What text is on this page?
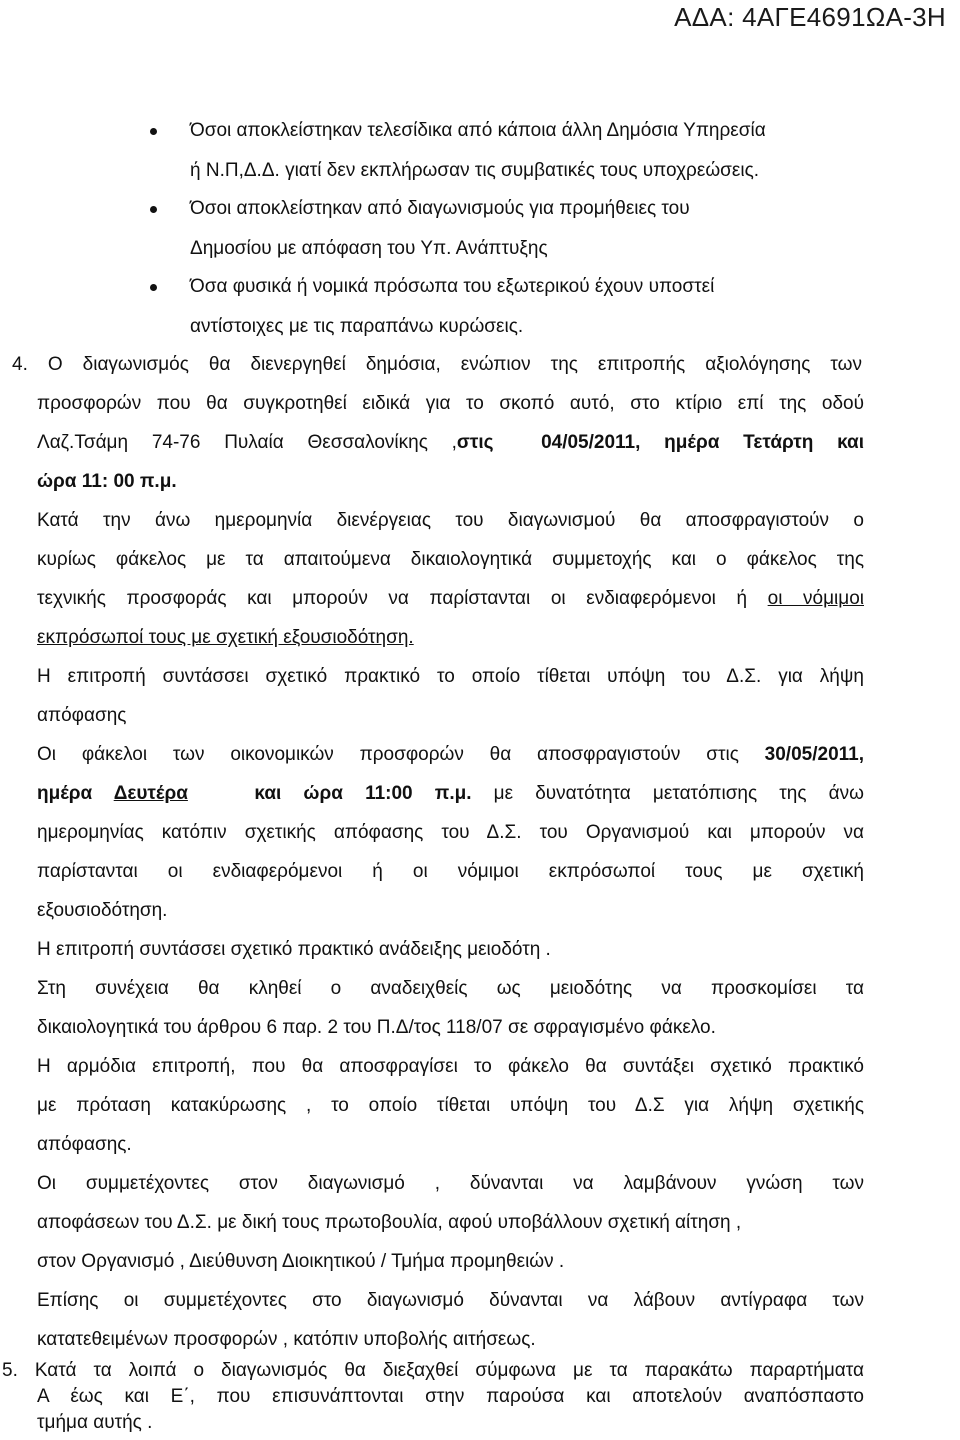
ΑΔΑ: 4ΑΓΕ4691ΩΑ-3Η
Όσοι αποκλείστηκαν τελεσίδικα από κάποια άλλη Δημόσια Υπηρεσία
ή Ν.Π,Δ.Δ. γιατί δεν εκπλήρωσαν τις συμβατικές τους υποχρεώσεις.
Όσοι αποκλείστηκαν από διαγωνισμούς για προμήθειες του
Δημοσίου με απόφαση του Υπ. Ανάπτυξης
Όσα φυσικά ή νομικά πρόσωπα του εξωτερικού έχουν υποστεί
αντίστοιχες με τις παραπάνω κυρώσεις.
4. Ο διαγωνισμός θα διενεργηθεί δημόσια, ενώπιον της επιτροπής αξιολόγησης των
προσφορών που θα συγκροτηθεί ειδικά για το σκοπό αυτό, στο κτίριο επί της οδού
Λαζ.Τσάμη 74-76 Πυλαία Θεσσαλονίκης ,στις  04/05/2011, ημέρα Τετάρτη και
ώρα 11: 00 π.μ.
Κατά την άνω ημερομηνία διενέργειας του διαγωνισμού θα αποσφραγιστούν ο
κυρίως φάκελος με τα απαιτούμενα δικαιολογητικά συμμετοχής και ο φάκελος της
τεχνικής προσφοράς και μπορούν να παρίστανται οι ενδιαφερόμενοι ή οι νόμιμοι
εκπρόσωποί τους με σχετική εξουσιοδότηση.
Η επιτροπή συντάσσει σχετικό πρακτικό το οποίο τίθεται υπόψη του Δ.Σ. για λήψη
απόφασης
Οι φάκελοι των οικονομικών προσφορών θα αποσφραγιστούν στις 30/05/2011,
ημέρα Δευτέρα   και ώρα 11:00 π.μ. με δυνατότητα μετατόπισης της άνω
ημερομηνίας κατόπιν σχετικής απόφασης του Δ.Σ. του Οργανισμού και μπορούν να
παρίστανται οι ενδιαφερόμενοι ή οι νόμιμοι εκπρόσωποί τους με σχετική
εξουσιοδότηση.
Η επιτροπή συντάσσει σχετικό πρακτικό ανάδειξης μειοδότη .
Στη συνέχεια θα κληθεί ο αναδειχθείς ως μειοδότης να προσκομίσει τα
δικαιολογητικά του άρθρου 6 παρ. 2 του Π.Δ/τος 118/07 σε σφραγισμένο φάκελο.
Η αρμόδια επιτροπή, που θα αποσφραγίσει το φάκελο θα συντάξει σχετικό πρακτικό
με πρόταση κατακύρωσης , το οποίο τίθεται υπόψη του Δ.Σ για λήψη σχετικής
απόφασης.
Οι συμμετέχοντες στον διαγωνισμό , δύνανται να λαμβάνουν γνώση των
αποφάσεων του Δ.Σ. με δική τους πρωτοβουλία, αφού υποβάλλουν σχετική αίτηση ,
στον Οργανισμό , Διεύθυνση Διοικητικού / Τμήμα προμηθειών .
Επίσης οι συμμετέχοντες στο διαγωνισμό δύνανται να λάβουν αντίγραφα των
κατατεθειμένων προσφορών , κατόπιν υποβολής αιτήσεως.
5. Κατά τα λοιπά ο διαγωνισμός θα διεξαχθεί σύμφωνα με τα παρακάτω παραρτήματα
Α έως και Ε΄, που επισυνάπτονται στην παρούσα και αποτελούν αναπόσπαστο
τμήμα αυτής .
